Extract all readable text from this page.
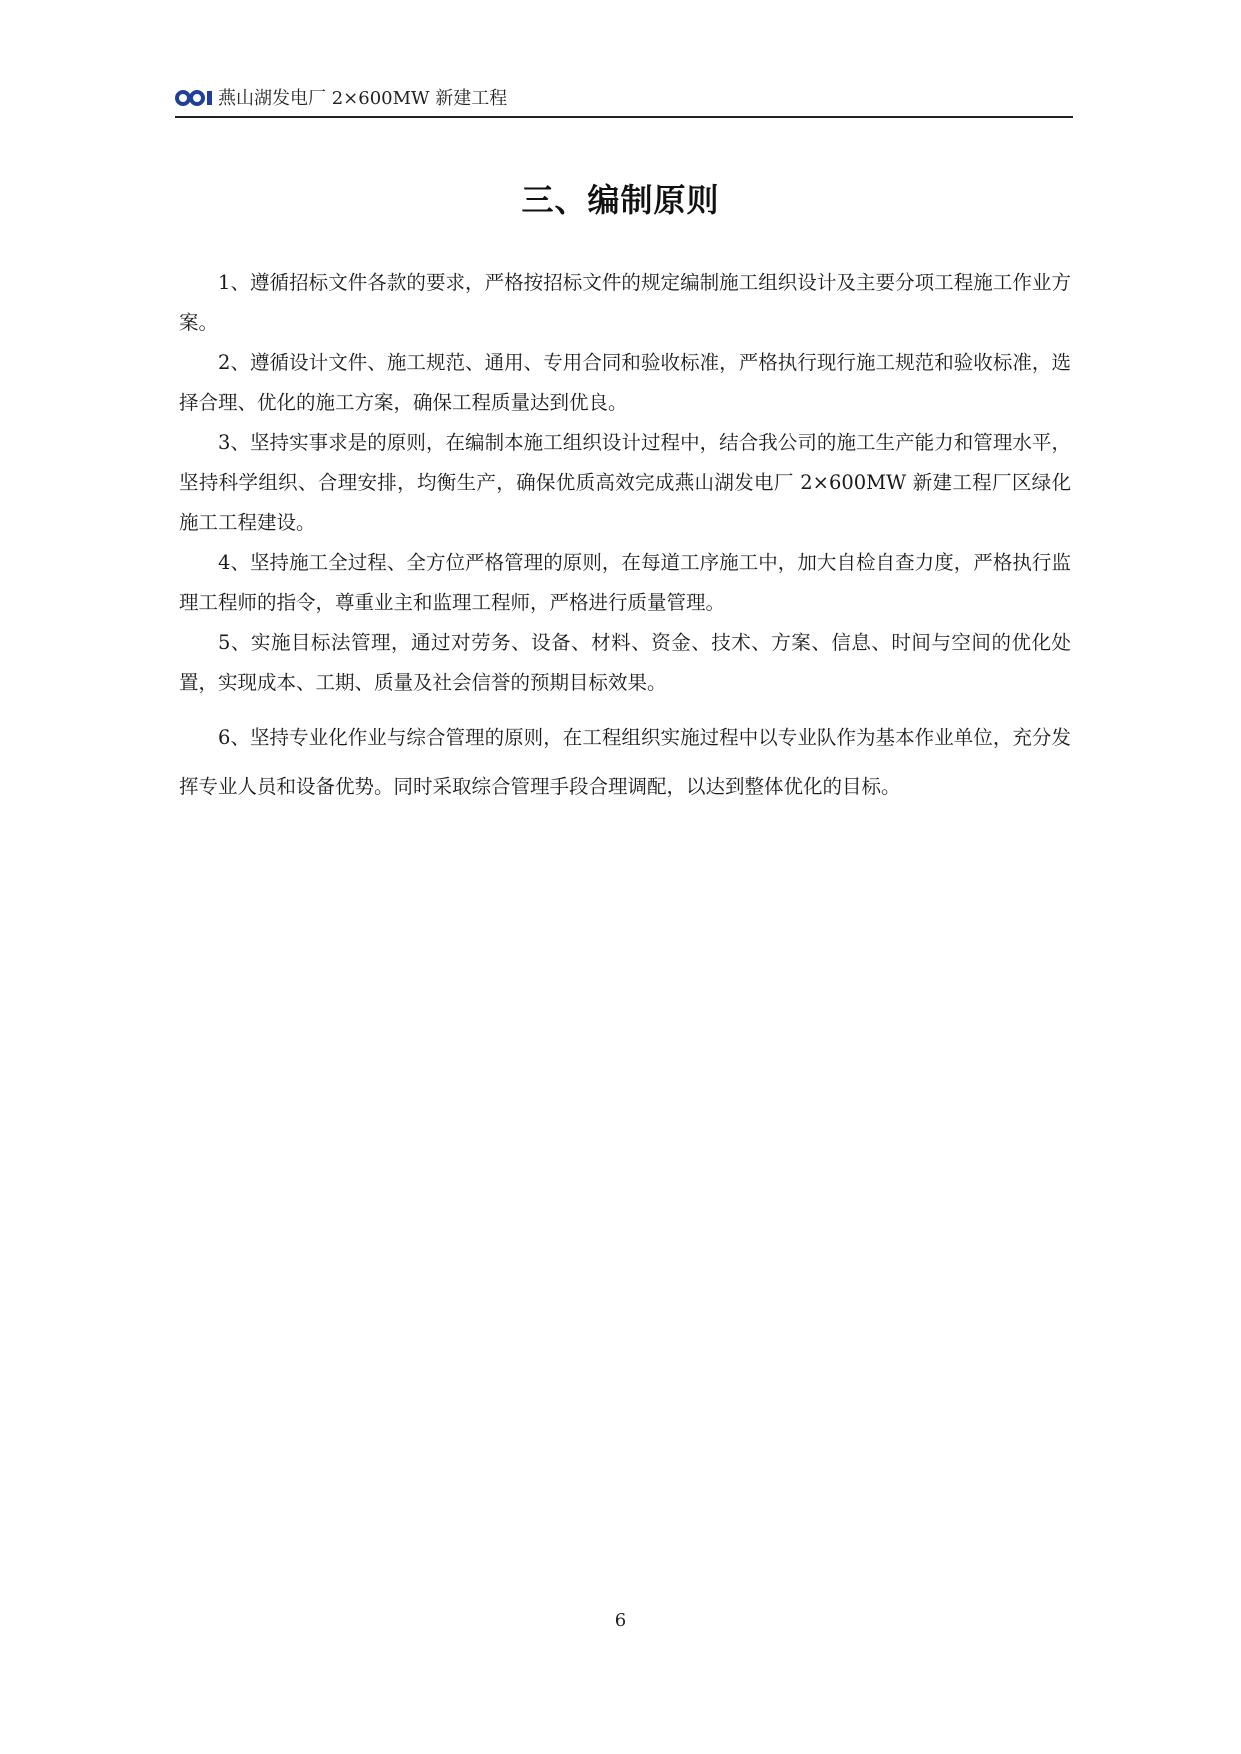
燕山湖发电厂 2×600MW 新建工程
三、编制原则

1、遵循招标文件各款的要求，严格按招标文件的规定编制施工组织设计及主要分项工程施工作业方案。

2、遵循设计文件、施工规范、通用、专用合同和验收标准，严格执行现行施工规范和验收标准，选择合理、优化的施工方案，确保工程质量达到优良。

3、坚持实事求是的原则，在编制本施工组织设计过程中，结合我公司的施工生产能力和管理水平，坚持科学组织、合理安排，均衡生产，确保优质高效完成燕山湖发电厂 2×600MW 新建工程厂区绿化施工工程建设。

4、坚持施工全过程、全方位严格管理的原则，在每道工序施工中，加大自检自查力度，严格执行监理工程师的指令，尊重业主和监理工程师，严格进行质量管理。

5、实施目标法管理，通过对劳务、设备、材料、资金、技术、方案、信息、时间与空间的优化处置，实现成本、工期、质量及社会信誉的预期目标效果。

6、坚持专业化作业与综合管理的原则，在工程组织实施过程中以专业队作为基本作业单位，充分发挥专业人员和设备优势。同时采取综合管理手段合理调配，以达到整体优化的目标。

6
